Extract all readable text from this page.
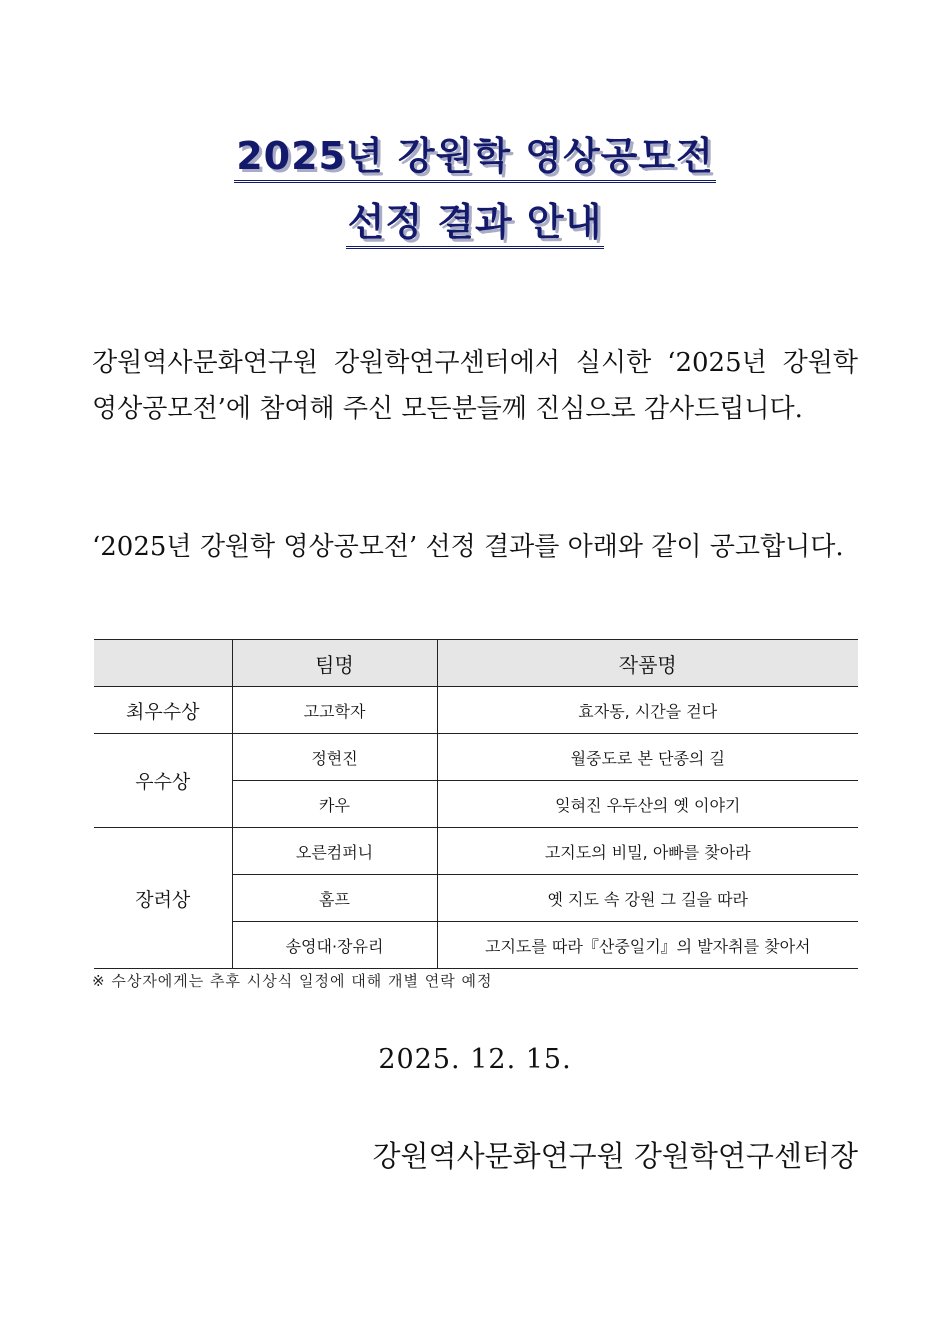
2025년 강원학 영상공모전
선정 결과 안내

강원역사문화연구원 강원학연구센터에서 실시한 ‘2025년 강원학 영상공모전’에 참여해 주신 모든분들께 진심으로 감사드립니다.

‘2025년 강원학 영상공모전’ 선정 결과를 아래와 같이 공고합니다.

	팀명	작품명
최우수상	고고학자	효자동, 시간을 걷다
우수상	정현진	월중도로 본 단종의 길
	카우	잊혀진 우두산의 옛 이야기
장려상	오른컴퍼니	고지도의 비밀, 아빠를 찾아라
	홈프	옛 지도 속 강원 그 길을 따라
	송영대·장유리	고지도를 따라『산중일기』의 발자취를 찾아서
※ 수상자에게는 추후 시상식 일정에 대해 개별 연락 예정
2025. 12. 15.
강원역사문화연구원 강원학연구센터장
